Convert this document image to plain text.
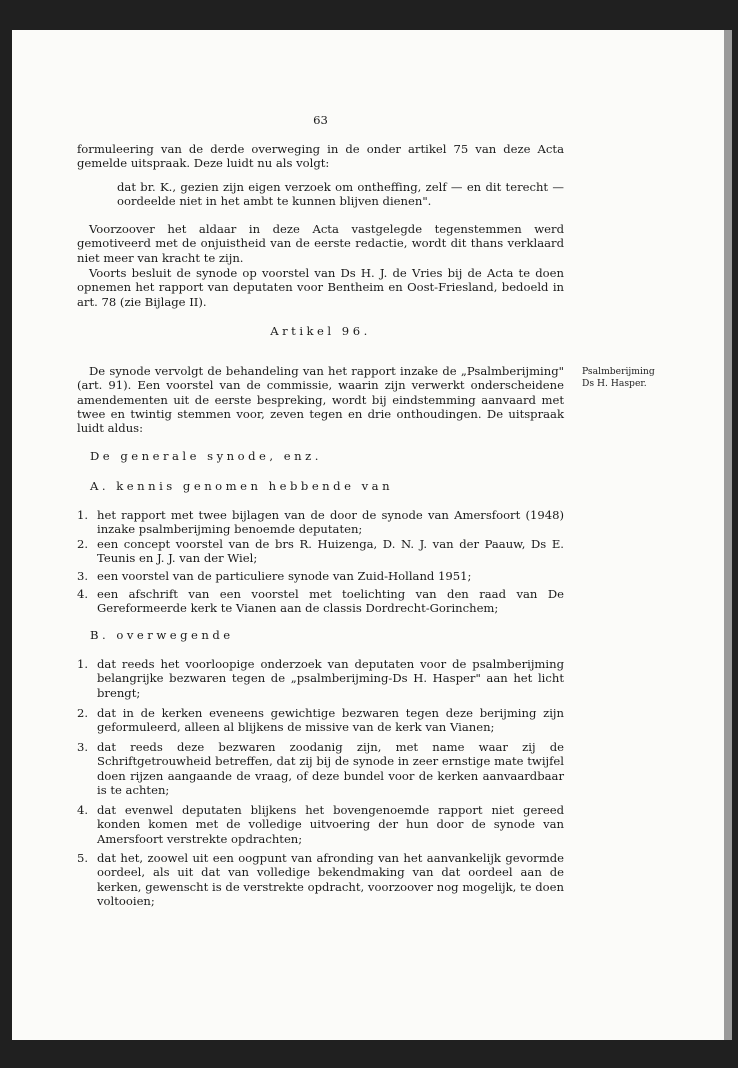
63
formuleering van de derde overweging in de onder artikel 75 van deze Acta gemelde uitspraak. Deze luidt nu als volgt:
dat br. K., gezien zijn eigen verzoek om ontheffing, zelf — en dit terecht — oordeelde niet in het ambt te kunnen blijven dienen".
Voorzoover het aldaar in deze Acta vastgelegde tegenstemmen werd gemotiveerd met de onjuistheid van de eerste redactie, wordt dit thans verklaard niet meer van kracht te zijn.
Voorts besluit de synode op voorstel van Ds H. J. de Vries bij de Acta te doen opnemen het rapport van deputaten voor Bentheim en Oost-Friesland, bedoeld in art. 78 (zie Bijlage II).
Artikel 96.
Psalmberijming
Ds H. Hasper.
De synode vervolgt de behandeling van het rapport inzake de „Psalmberijming" (art. 91). Een voorstel van de commissie, waarin zijn verwerkt onderscheidene amendementen uit de eerste bespreking, wordt bij eindstemming aanvaard met twee en twintig stemmen voor, zeven tegen en drie onthoudingen. De uitspraak luidt aldus:
De generale synode, enz.
A. kennis genomen hebbende van
1. het rapport met twee bijlagen van de door de synode van Amersfoort (1948) inzake psalmberijming benoemde deputaten;
2. een concept voorstel van de brs R. Huizenga, D. N. J. van der Paauw, Ds E. Teunis en J. J. van der Wiel;
3. een voorstel van de particuliere synode van Zuid-Holland 1951;
4. een afschrift van een voorstel met toelichting van den raad van De Gereformeerde kerk te Vianen aan de classis Dordrecht-Gorinchem;
B. overwegende
1. dat reeds het voorloopige onderzoek van deputaten voor de psalmberijming belangrijke bezwaren tegen de „psalmberijming-Ds H. Hasper" aan het licht brengt;
2. dat in de kerken eveneens gewichtige bezwaren tegen deze berijming zijn geformuleerd, alleen al blijkens de missive van de kerk van Vianen;
3. dat reeds deze bezwaren zoodanig zijn, met name waar zij de Schriftgetrouwheid betreffen, dat zij bij de synode in zeer ernstige mate twijfel doen rijzen aangaande de vraag, of deze bundel voor de kerken aanvaardbaar is te achten;
4. dat evenwel deputaten blijkens het bovengenoemde rapport niet gereed konden komen met de volledige uitvoering der hun door de synode van Amersfoort verstrekte opdrachten;
5. dat het, zoowel uit een oogpunt van afronding van het aanvankelijk gevormde oordeel, als uit dat van volledige bekendmaking van dat oordeel aan de kerken, gewenscht is de verstrekte opdracht, voorzoover nog mogelijk, te doen voltooien;
